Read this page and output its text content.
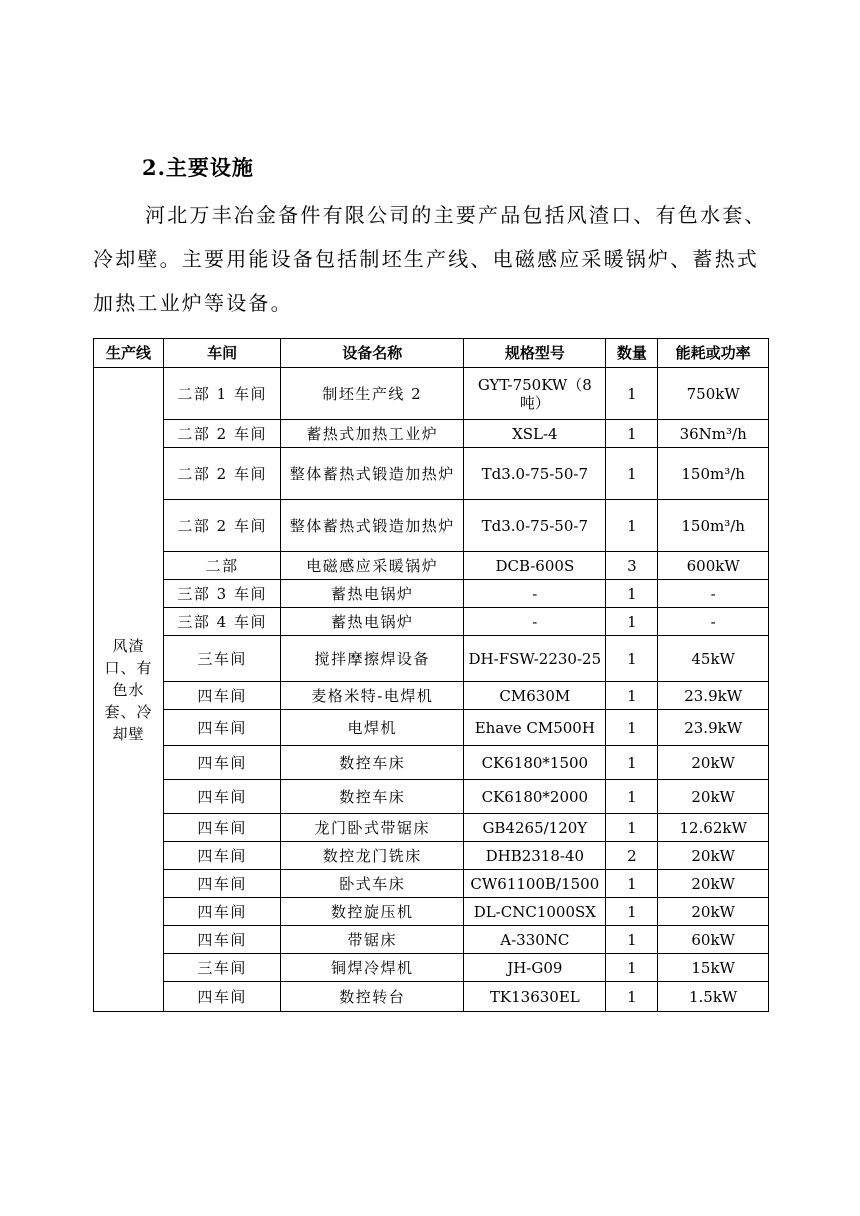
2.主要设施
河北万丰冶金备件有限公司的主要产品包括风渣口、有色水套、冷却壁。主要用能设备包括制坯生产线、电磁感应采暖锅炉、蓄热式加热工业炉等设备。
生产线	车间	设备名称	规格型号	数量	能耗或功率
风渣口、有色水套、冷却壁	二部 1 车间	制坯生产线 2	GYT-750KW（8吨）	1	750kW
	二部 2 车间	蓄热式加热工业炉	XSL-4	1	36Nm³/h
	二部 2 车间	整体蓄热式锻造加热炉	Td3.0-75-50-7	1	150m³/h
	二部 2 车间	整体蓄热式锻造加热炉	Td3.0-75-50-7	1	150m³/h
	二部	电磁感应采暖锅炉	DCB-600S	3	600kW
	三部 3 车间	蓄热电锅炉	-	1	-
	三部 4 车间	蓄热电锅炉	-	1	-
	三车间	搅拌摩擦焊设备	DH-FSW-2230-25	1	45kW
	四车间	麦格米特-电焊机	CM630M	1	23.9kW
	四车间	电焊机	Ehave CM500H	1	23.9kW
	四车间	数控车床	CK6180*1500	1	20kW
	四车间	数控车床	CK6180*2000	1	20kW
	四车间	龙门卧式带锯床	GB4265/120Y	1	12.62kW
	四车间	数控龙门铣床	DHB2318-40	2	20kW
	四车间	卧式车床	CW61100B/1500	1	20kW
	四车间	数控旋压机	DL-CNC1000SX	1	20kW
	四车间	带锯床	A-330NC	1	60kW
	三车间	铜焊冷焊机	JH-G09	1	15kW
	四车间	数控转台	TK13630EL	1	1.5kW
